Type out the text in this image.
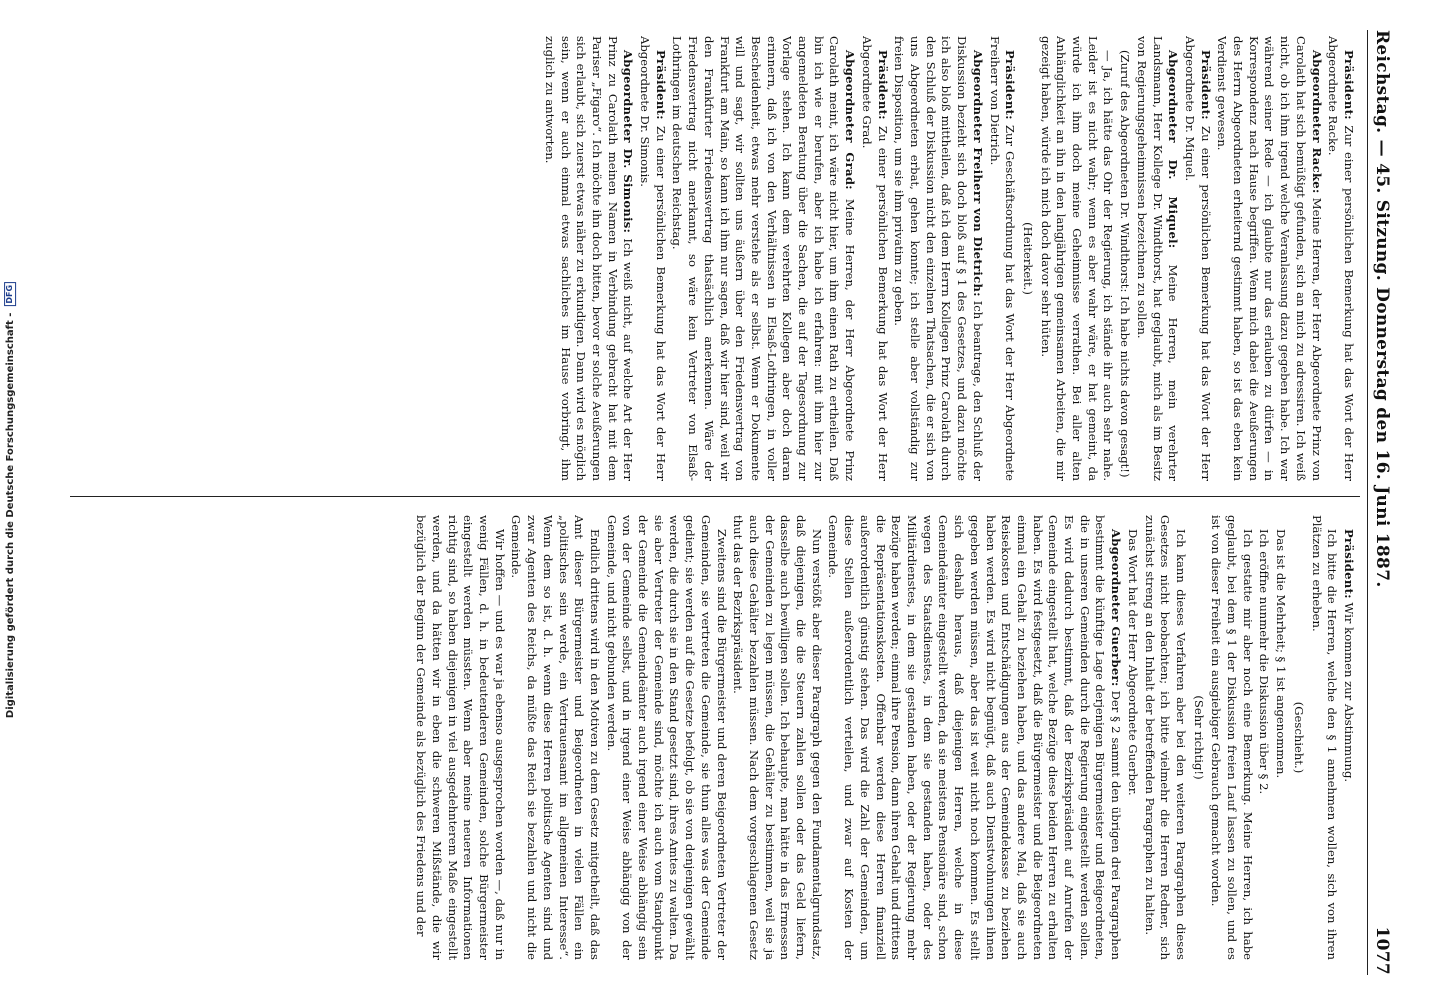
Digitalisierung gefördert durch die Deutsche Forschungsgemeinschaft -
DFG	Reichstag. — 45. Sitzung. Donnerstag den 16. Juni 1887.
1077

Präsident: Zur einer persönlichen Bemerkung hat das Wort der Herr Abgeordnete Racke.

Abgeordneter Racke: Meine Herren, der Herr Abgeordnete Prinz von Carolath hat sich bemüßigt gefunden, sich an mich zu adressiren. Ich weiß nicht, ob ich ihm irgend welche Veranlassung dazu gegeben habe. Ich war während seiner Rede — ich glaubte nur das erlauben zu dürfen — in Korrespondenz nach Hause begriffen. Wenn mich dabei die Aeußerungen des Herrn Abgeordneten erheiternd gestimmt haben, so ist das eben kein Verdienst gewesen.

Präsident: Zu einer persönlichen Bemerkung hat das Wort der Herr Abgeordnete Dr. Miquel.

Abgeordneter Dr. Miquel: Meine Herren, mein verehrter Landsmann, Herr Kollege Dr. Windthorst, hat geglaubt, mich als im Besitz von Regierungsgeheimnissen bezeichnen zu sollen.

(Zuruf des Abgeordneten Dr. Windthorst: Ich habe nichts davon gesagt!)

— Ja, ich hätte das Ohr der Regierung, ich stände ihr auch sehr nahe. Leider ist es nicht wahr; wenn es aber wahr wäre, er hat gemeint, da würde ich ihm doch meine Geheimnisse verrathen. Bei aller alten Anhänglichkeit an ihn in den langjährigen gemeinsamen Arbeiten, die mir gezeigt haben, würde ich mich doch davor sehr hüten.

(Heiterkeit.)

Präsident: Zur Geschäftsordnung hat das Wort der Herr Abgeordnete Freiherr von Dietrich.

Abgeordneter Freiherr von Dietrich: Ich beantrage, den Schluß der Diskussion bezieht sich doch bloß auf § 1 des Gesetzes, und dazu möchte ich also bloß mittheilen, daß ich dem Herrn Kollegen Prinz Carolath durch den Schluß der Diskussion nicht den einzelnen Thatsachen, die er sich von uns Abgeordneten erbat, gehen konnte; ich stelle aber vollständig zur freien Disposition, um sie ihm privatim zu geben.

Präsident: Zu einer persönlichen Bemerkung hat das Wort der Herr Abgeordnete Grad.

Abgeordneter Grad: Meine Herren, der Herr Abgeordnete Prinz Carolath meint, ich wäre nicht hier, um ihm einen Rath zu ertheilen. Daß bin ich wie er berufen, aber ich habe ich erfahren: mit ihm hier zur angemeldeten Beratung über die Sachen, die auf der Tagesordnung zur Vorlage stehen. Ich kann dem verehrten Kollegen aber doch daran erinnern, daß ich von den Verhältnissen in Elsaß-Lothringen, in voller Bescheidenheit, etwas mehr verstehe als er selbst. Wenn er Dokumente will und sagt, wir sollten uns äußern über den Friedensvertrag von Frankfurt am Main, so kann ich ihm nur sagen, daß wir hier sind, weil wir den Frankfurter Friedensvertrag thatsächlich anerkennen. Wäre der Friedensvertrag nicht anerkannt, so wäre kein Vertreter von Elsaß-Lothringen im deutschen Reichstag.

Präsident: Zu einer persönlichen Bemerkung hat das Wort der Herr Abgeordnete Dr. Simonis.

Abgeordneter Dr. Simonis: Ich weiß nicht, auf welche Art der Herr Prinz zu Carolath meinen Namen in Verbindung gebracht hat mit dem Pariser „Figaro“. Ich möchte ihn doch bitten, bevor er solche Aeußerungen sich erlaubt, sich zuerst etwas näher zu erkundigen. Dann wird es möglich sein, wenn er auch einmal etwas sachliches im Hause vorbringt, ihm zuglich zu antworten.

Präsident: Wir kommen zur Abstimmung.

Ich bitte die Herren, welche den § 1 annehmen wollen, sich von ihren Plätzen zu erheben.

(Geschieht.)

Das ist die Mehrheit; § 1 ist angenommen.

Ich eröffne nunmehr die Diskussion über § 2.

Ich gestatte mir aber noch eine Bemerkung. Meine Herren, ich habe geglaubt, bei dem § 1 der Diskussion freien Lauf lassen zu sollen, und es ist von dieser Freiheit ein ausgiebiger Gebrauch gemacht worden.

(Sehr richtig!)

Ich kann dieses Verfahren aber bei den weiteren Paragraphen dieses Gesetzes nicht beobachten; ich bitte vielmehr die Herren Redner, sich zunächst streng an den Inhalt der betreffenden Paragraphen zu halten.

Das Wort hat der Herr Abgeordnete Guerber.

Abgeordneter Guerber: Der § 2 sammt den übrigen drei Paragraphen bestimmt die künftige Lage derjenigen Bürgermeister und Beigeordneten, die in unseren Gemeinden durch die Regierung eingestellt werden sollen. Es wird dadurch bestimmt, daß der Bezirkspräsident auf Anrufen der Gemeinde eingestellt hat, welche Bezüge diese beiden Herren zu erhalten haben. Es wird festgesetzt, daß die Bürgermeister und die Beigeordneten einmal ein Gehalt zu beziehen haben, und das andere Mal, daß sie auch Reisekosten und Entschädigungen aus der Gemeindekasse zu beziehen haben werden. Es wird nicht begnügt, daß auch Dienstwohnungen ihnen gegeben werden müssen, aber das ist weit nicht noch kommen. Es stellt sich deshalb heraus, daß diejenigen Herren, welche in diese Gemeindeämter eingestellt werden, da sie meistens Pensionäre sind, schon wegen des Staatsdienstes, in dem sie gestanden haben, oder des Militärdienstes, in dem sie gestanden haben, oder der Regierung mehr Bezüge haben werden; einmal ihre Pension, dann ihren Gehalt und drittens die Repräsentationskosten. Offenbar werden diese Herren finanziell außerordentlich günstig stehen. Das wird die Zahl der Gemeinden, um diese Stellen außerordentlich verteilen, und zwar auf Kosten der Gemeinde.

Nun verstößt aber dieser Paragraph gegen den Fundamentalgrundsatz, daß diejenigen, die die Steuern zahlen sollen oder das Geld liefern, dasselbe auch bewilligen sollen. Ich behaupte, man hätte in das Ermessen der Gemeinden zu legen müssen, die Gehälter zu bestimmen, weil sie ja auch diese Gehälter bezahlen müssen. Nach dem vorgeschlagenen Gesetz thut das der Bezirkspräsident.

Zweitens sind die Bürgermeister und deren Beigeordneten Vertreter der Gemeinden, sie vertreten die Gemeinde, sie thun alles was der Gemeinde gedient; sie werden auf die Gesetze befolgt, ob sie von denjenigen gewählt werden, die durch sie in den Stand gesetzt sind, ihres Amtes zu walten. Da sie aber Vertreter der Gemeinde sind, möchte ich auch vom Standpunkt der Gemeinde die Gemeindeämter auch irgend einer Weise abhängig sein von der Gemeinde selbst, und in irgend einer Weise abhängig von der Gemeinde, und nicht gebunden werden.

Endlich drittens wird in den Motiven zu dem Gesetz mitgetheilt, daß das Amt dieser Bürgermeister und Beigeordneten in vielen Fällen ein „politisches sein werde, ein Vertrauensamt im allgemeinen Interesse“. Wenn dem so ist, d. h. wenn diese Herren politische Agenten sind und zwar Agenten des Reichs, da müßte das Reich sie bezahlen und nicht die Gemeinde.

Wir hoffen — und es war ja ebenso ausgesprochen worden —, daß nur in wenig Fällen, d. h. in bedeutenderen Gemeinden, solche Bürgermeister eingestellt werden müssten. Wenn aber meine neueren Informationen richtig sind, so haben diejenigen in viel ausgedehnterem Maße eingestellt werden, und da hätten wir in eben die schweren Mißstände, die wir bezüglich der Beginn der Gemeinde als bezüglich des Friedens und der
